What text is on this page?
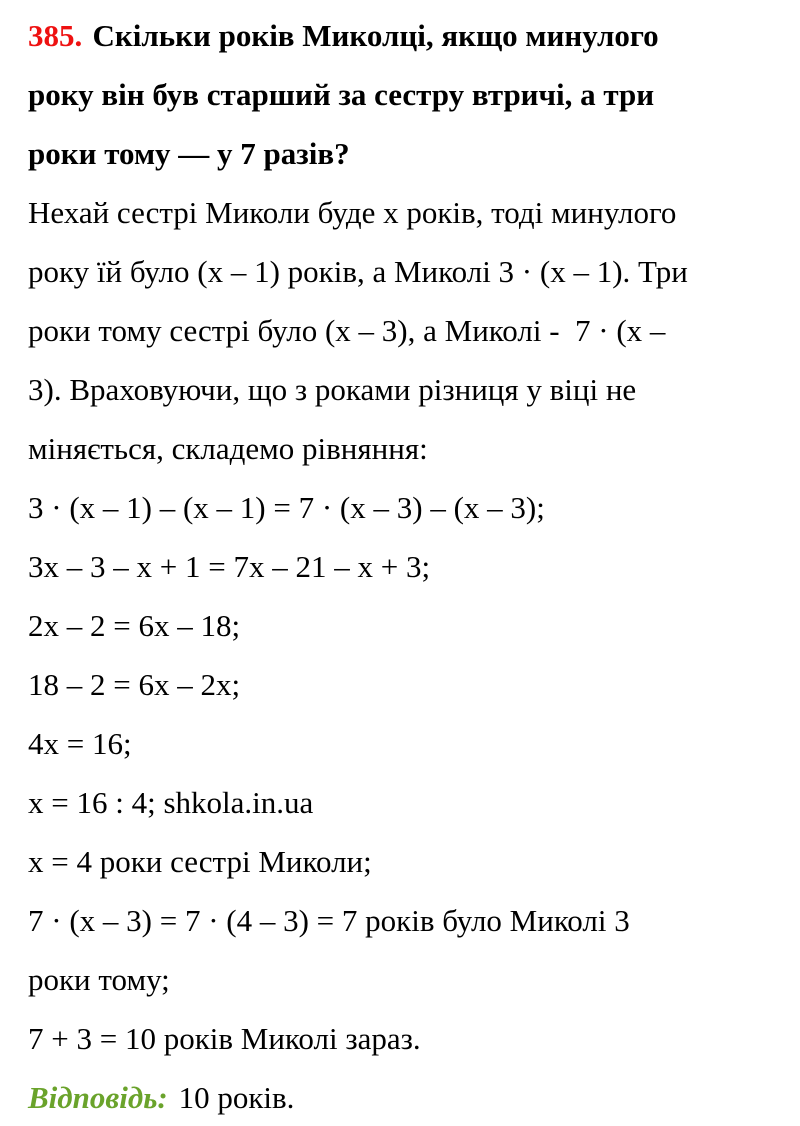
385. Скільки років Миколці, якщо минулого
року він був старший за сестру втричі, а три
роки тому — у 7 разів?
Нехай сестрі Миколи буде x років, тоді минулого
року їй було (x – 1) років, а Миколі 3 · (x – 1). Три
роки тому сестрі було (x – 3), а Миколі -  7 · (x –
3). Враховуючи, що з роками різниця у віці не
міняється, складемо рівняння:
3 · (x – 1) – (x – 1) = 7 · (x – 3) – (x – 3);
3x – 3 – x + 1 = 7x – 21 – x + 3;
2x – 2 = 6x – 18;
18 – 2 = 6x – 2x;
4x = 16;
x = 16 : 4; shkola.in.ua
x = 4 роки сестрі Миколи;
7 · (x – 3) = 7 · (4 – 3) = 7 років було Миколі 3
роки тому;
7 + 3 = 10 років Миколі зараз.
Відповідь: 10 років.
